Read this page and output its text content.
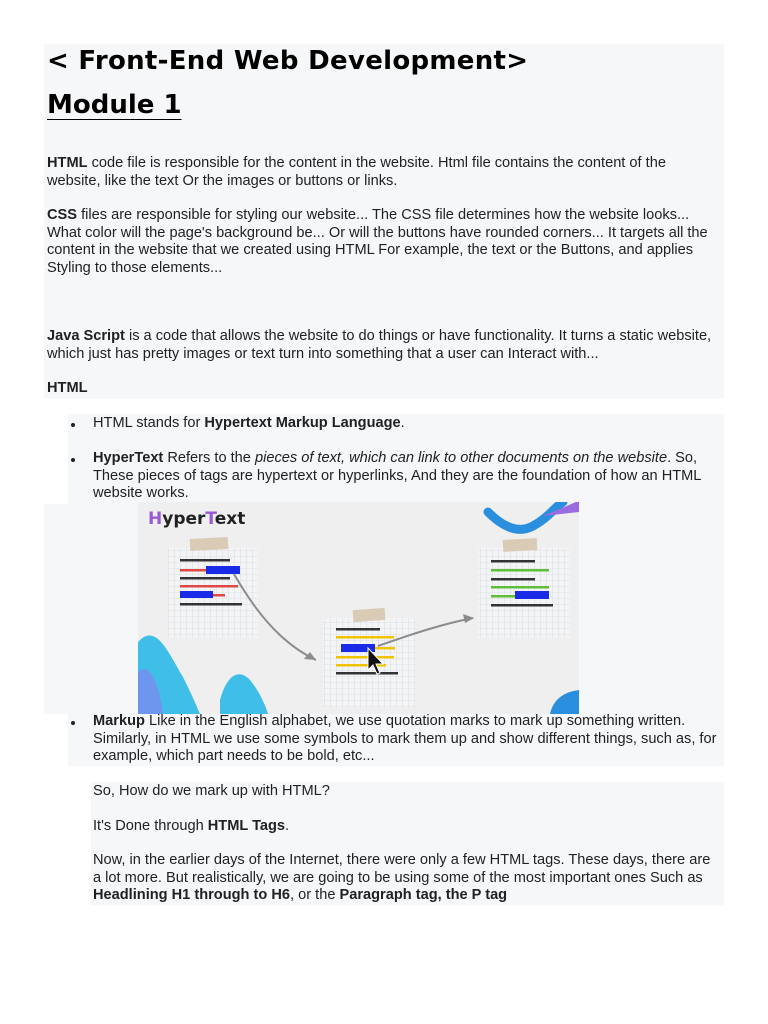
< Front-End Web Development>
Module 1
HTML code file is responsible for the content in the website. Html file contains the content of the website, like the text Or the images or buttons or links.
CSS files are responsible for styling our website... The CSS file determines how the website looks... What color will the page's background be... Or will the buttons have rounded corners... It targets all the content in the website that we created using HTML For example, the text or the Buttons, and applies Styling to those elements...
Java Script is a code that allows the website to do things or have functionality. It turns a static website, which just has pretty images or text turn into something that a user can Interact with...
HTML
HTML stands for Hypertext Markup Language.
HyperText Refers to the pieces of text, which can link to other documents on the website. So, These pieces of tags are hypertext or hyperlinks, And they are the foundation of how an HTML website works.
HyperText
Markup Like in the English alphabet, we use quotation marks to mark up something written. Similarly, in HTML we use some symbols to mark them up and show different things, such as, for example, which part needs to be bold, etc...
So, How do we mark up with HTML?
It's Done through HTML Tags.
Now, in the earlier days of the Internet, there were only a few HTML tags. These days, there are a lot more. But realistically, we are going to be using some of the most important ones Such as Headlining H1 through to H6, or the Paragraph tag, the P tag
